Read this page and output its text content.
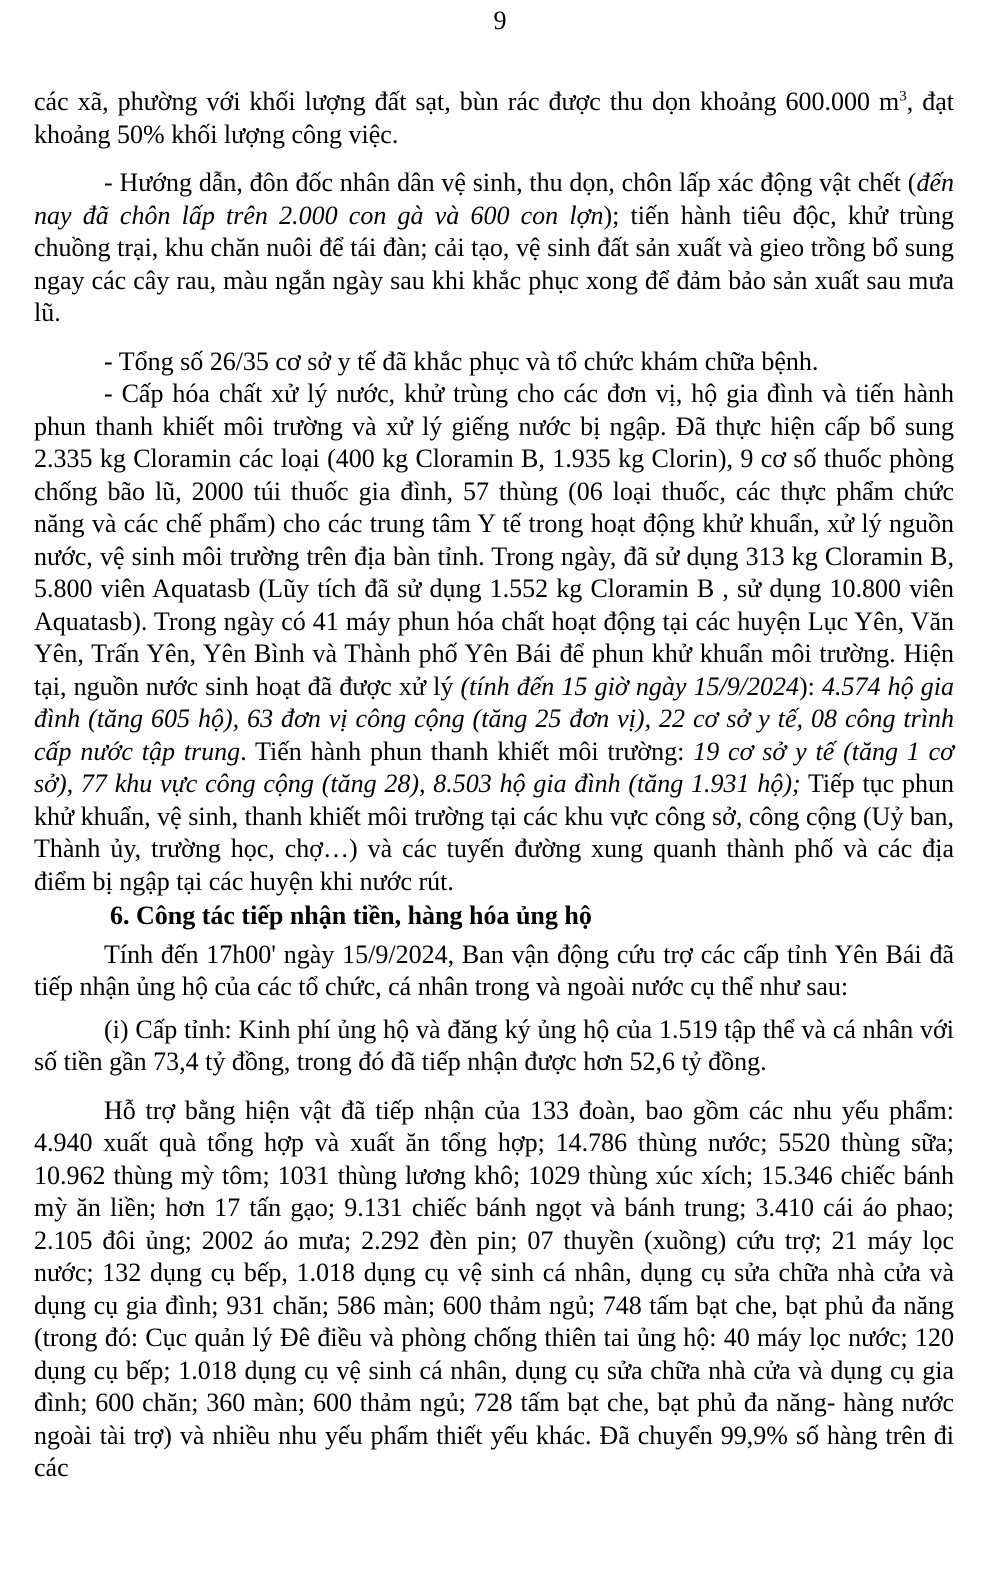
9

các xã, phường với khối lượng đất sạt, bùn rác được thu dọn khoảng 600.000 $m^3$, đạt khoảng 50% khối lượng công việc.

- Hướng dẫn, đôn đốc nhân dân vệ sinh, thu dọn, chôn lấp xác động vật chết (đến nay đã chôn lấp trên 2.000 con gà và 600 con lợn); tiến hành tiêu độc, khử trùng chuồng trại, khu chăn nuôi để tái đàn; cải tạo, vệ sinh đất sản xuất và gieo trồng bổ sung ngay các cây rau, màu ngắn ngày sau khi khắc phục xong để đảm bảo sản xuất sau mưa lũ.

- Tổng số 26/35 cơ sở y tế đã khắc phục và tổ chức khám chữa bệnh.

- Cấp hóa chất xử lý nước, khử trùng cho các đơn vị, hộ gia đình và tiến hành phun thanh khiết môi trường và xử lý giếng nước bị ngập. Đã thực hiện cấp bổ sung 2.335 kg Cloramin các loại (400 kg Cloramin B, 1.935 kg Clorin), 9 cơ số thuốc phòng chống bão lũ, 2000 túi thuốc gia đình, 57 thùng (06 loại thuốc, các thực phẩm chức năng và các chế phẩm) cho các trung tâm Y tế trong hoạt động khử khuẩn, xử lý nguồn nước, vệ sinh môi trường trên địa bàn tỉnh. Trong ngày, đã sử dụng 313 kg Cloramin B, 5.800 viên Aquatasb (Lũy tích đã sử dụng 1.552 kg Cloramin B , sử dụng 10.800 viên Aquatasb). Trong ngày có 41 máy phun hóa chất hoạt động tại các huyện Lục Yên, Văn Yên, Trấn Yên, Yên Bình và Thành phố Yên Bái để phun khử khuẩn môi trường. Hiện tại, nguồn nước sinh hoạt đã được xử lý (tính đến 15 giờ ngày 15/9/2024): 4.574 hộ gia đình (tăng 605 hộ), 63 đơn vị công cộng (tăng 25 đơn vị), 22 cơ sở y tế, 08 công trình cấp nước tập trung. Tiến hành phun thanh khiết môi trường: 19 cơ sở y tế (tăng 1 cơ sở), 77 khu vực công cộng (tăng 28), 8.503 hộ gia đình (tăng 1.931 hộ); Tiếp tục phun khử khuẩn, vệ sinh, thanh khiết môi trường tại các khu vực công sở, công cộng (Uỷ ban, Thành ủy, trường học, chợ…) và các tuyến đường xung quanh thành phố và các địa điểm bị ngập tại các huyện khi nước rút.

6. Công tác tiếp nhận tiền, hàng hóa ủng hộ

Tính đến 17h00' ngày 15/9/2024, Ban vận động cứu trợ các cấp tỉnh Yên Bái đã tiếp nhận ủng hộ của các tổ chức, cá nhân trong và ngoài nước cụ thể như sau:

(i) Cấp tỉnh: Kinh phí ủng hộ và đăng ký ủng hộ của 1.519 tập thể và cá nhân với số tiền gần 73,4 tỷ đồng, trong đó đã tiếp nhận được hơn 52,6 tỷ đồng.

Hỗ trợ bằng hiện vật đã tiếp nhận của 133 đoàn, bao gồm các nhu yếu phẩm: 4.940 xuất quà tổng hợp và xuất ăn tổng hợp; 14.786 thùng nước; 5520 thùng sữa; 10.962 thùng mỳ tôm; 1031 thùng lương khô; 1029 thùng xúc xích; 15.346 chiếc bánh mỳ ăn liền; hơn 17 tấn gạo; 9.131 chiếc bánh ngọt và bánh trung; 3.410 cái áo phao; 2.105 đôi ủng; 2002 áo mưa; 2.292 đèn pin; 07 thuyền (xuồng) cứu trợ; 21 máy lọc nước; 132 dụng cụ bếp, 1.018 dụng cụ vệ sinh cá nhân, dụng cụ sửa chữa nhà cửa và dụng cụ gia đình; 931 chăn; 586 màn; 600 thảm ngủ; 748 tấm bạt che, bạt phủ đa năng (trong đó: Cục quản lý Đê điều và phòng chống thiên tai ủng hộ: 40 máy lọc nước; 120 dụng cụ bếp; 1.018 dụng cụ vệ sinh cá nhân, dụng cụ sửa chữa nhà cửa và dụng cụ gia đình; 600 chăn; 360 màn; 600 thảm ngủ; 728 tấm bạt che, bạt phủ đa năng- hàng nước ngoài tài trợ) và nhiều nhu yếu phẩm thiết yếu khác. Đã chuyển 99,9% số hàng trên đi các
